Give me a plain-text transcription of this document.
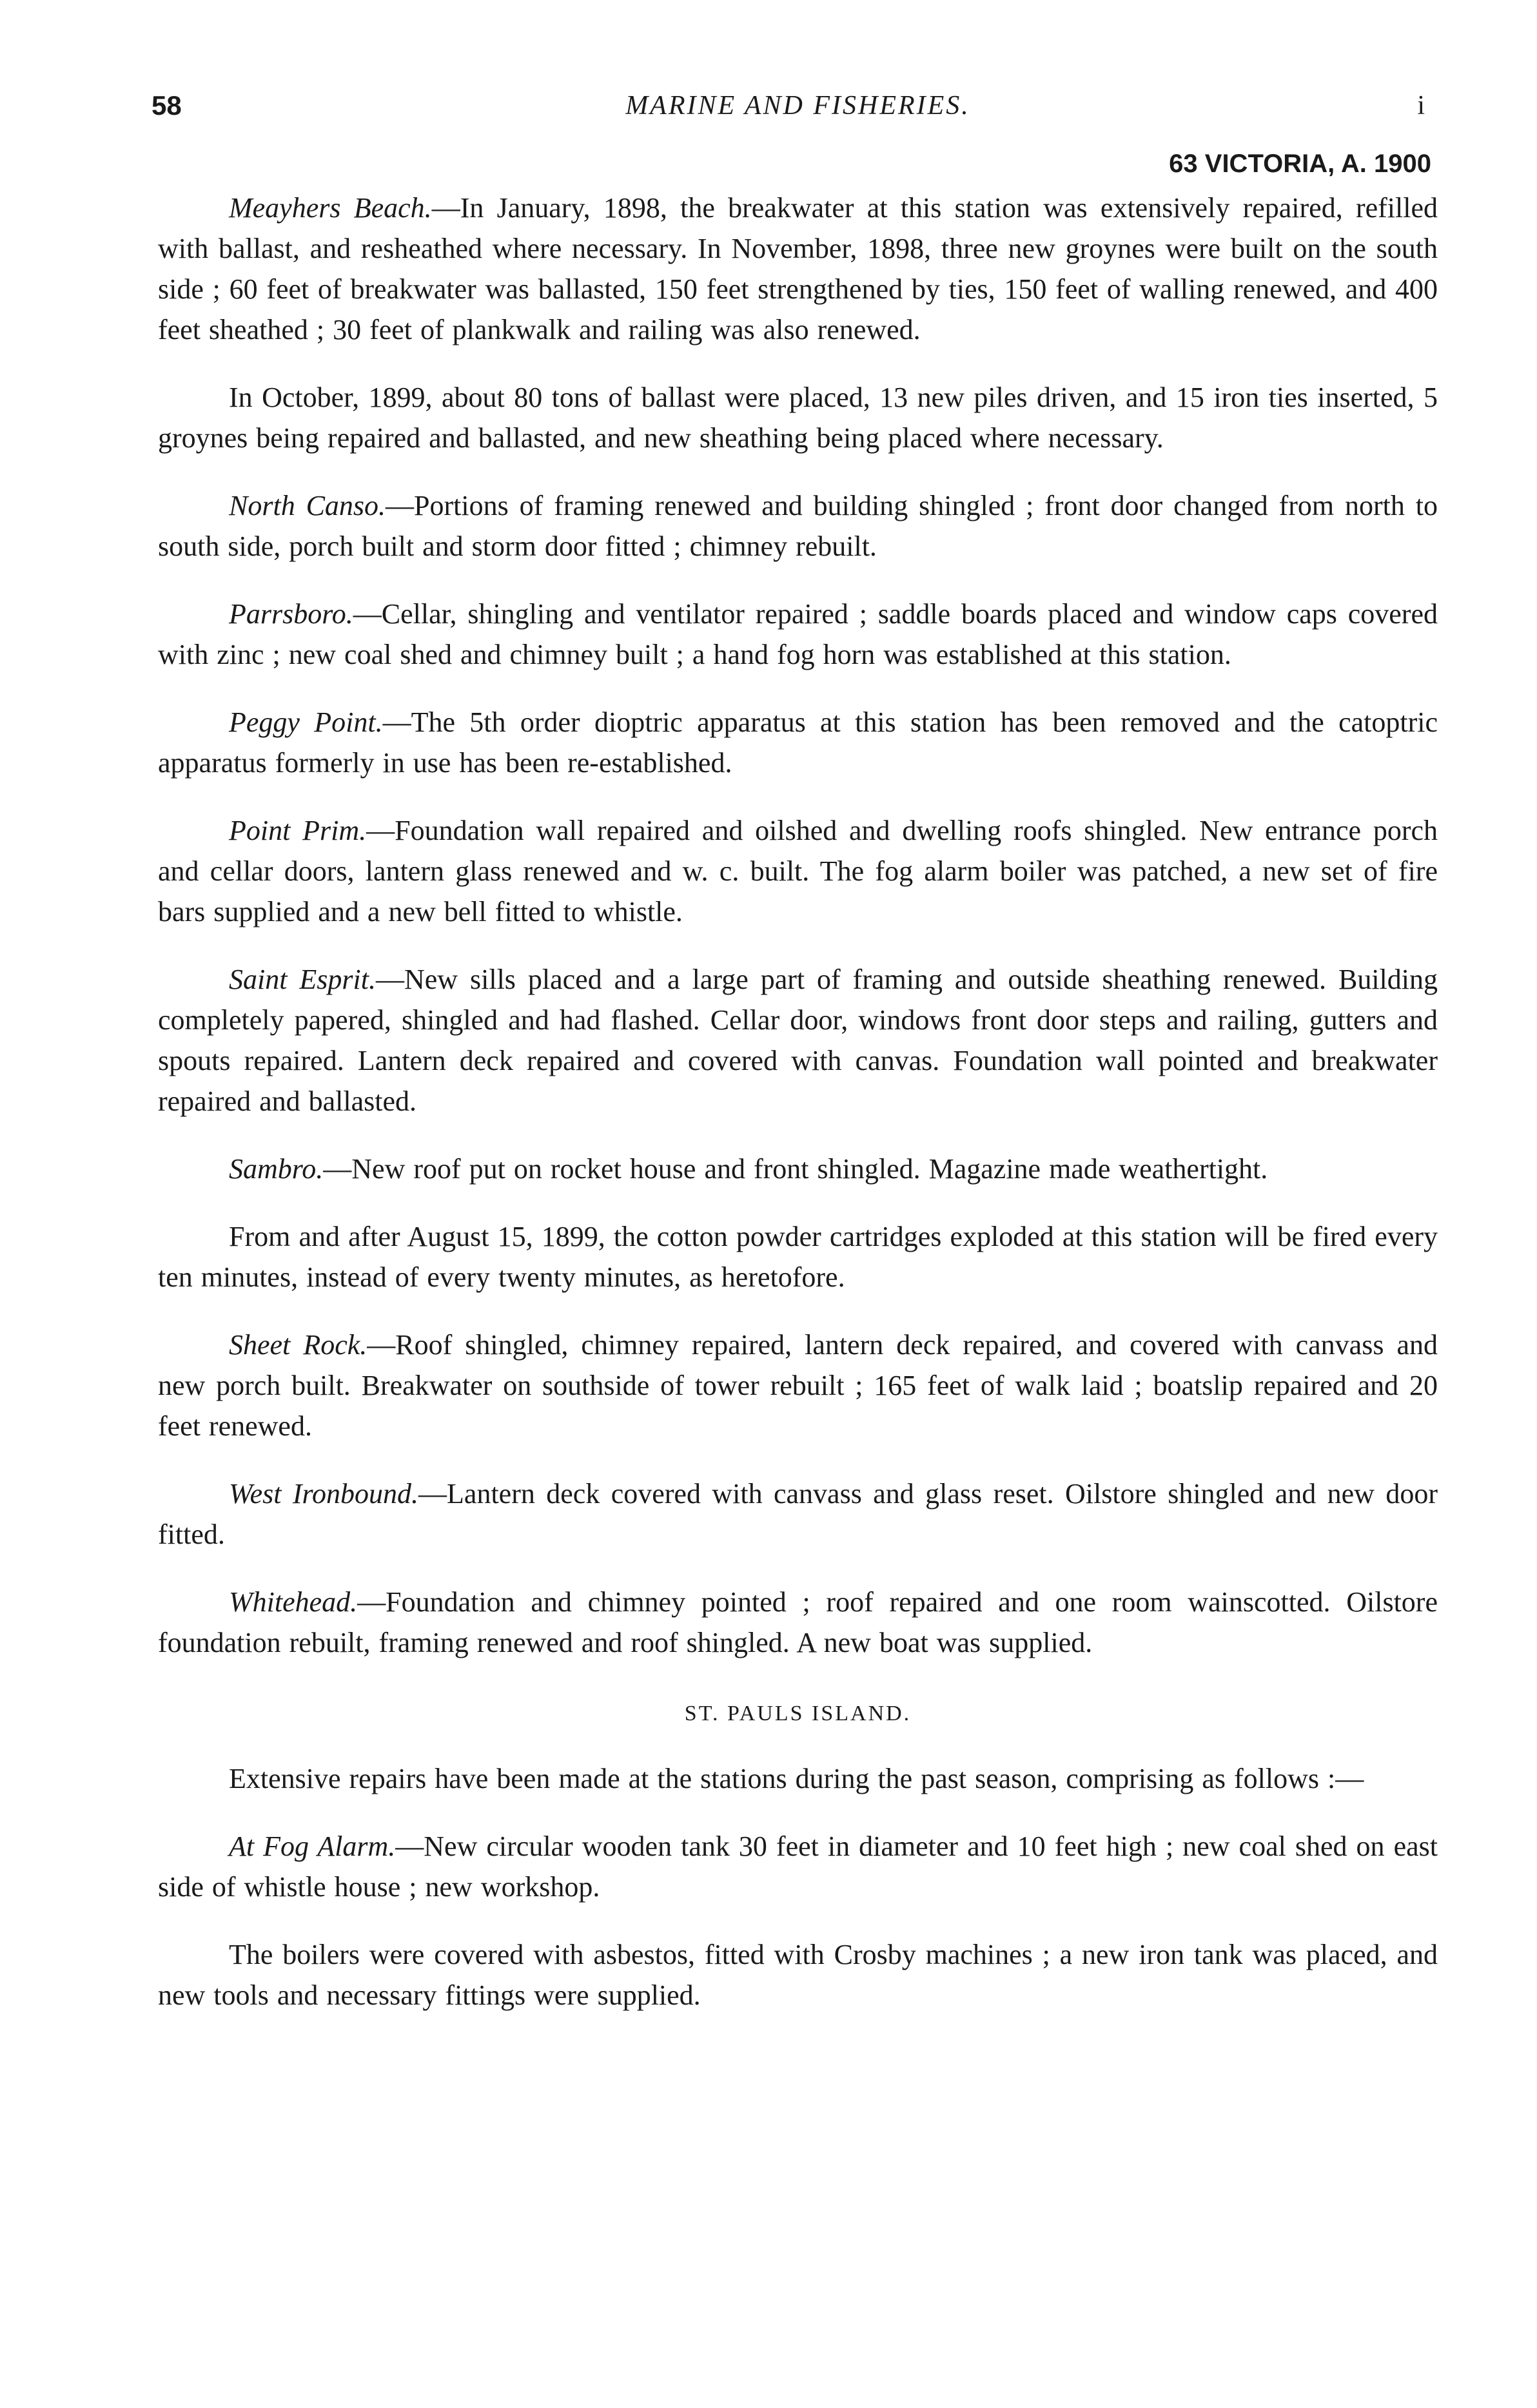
58	MARINE AND FISHERIES.	i
63 VICTORIA, A. 1900

Meayhers Beach.—In January, 1898, the breakwater at this station was extensively repaired, refilled with ballast, and resheathed where necessary. In November, 1898, three new groynes were built on the south side ; 60 feet of breakwater was ballasted, 150 feet strengthened by ties, 150 feet of walling renewed, and 400 feet sheathed ; 30 feet of plankwalk and railing was also renewed.

In October, 1899, about 80 tons of ballast were placed, 13 new piles driven, and 15 iron ties inserted, 5 groynes being repaired and ballasted, and new sheathing being placed where necessary.

North Canso.—Portions of framing renewed and building shingled ; front door changed from north to south side, porch built and storm door fitted ; chimney rebuilt.

Parrsboro.—Cellar, shingling and ventilator repaired ; saddle boards placed and window caps covered with zinc ; new coal shed and chimney built ; a hand fog horn was established at this station.

Peggy Point.—The 5th order dioptric apparatus at this station has been removed and the catoptric apparatus formerly in use has been re-established.

Point Prim.—Foundation wall repaired and oilshed and dwelling roofs shingled. New entrance porch and cellar doors, lantern glass renewed and w. c. built. The fog alarm boiler was patched, a new set of fire bars supplied and a new bell fitted to whistle.

Saint Esprit.—New sills placed and a large part of framing and outside sheathing renewed. Building completely papered, shingled and had flashed. Cellar door, windows front door steps and railing, gutters and spouts repaired. Lantern deck repaired and covered with canvas. Foundation wall pointed and breakwater repaired and ballasted.

Sambro.—New roof put on rocket house and front shingled. Magazine made weathertight.

From and after August 15, 1899, the cotton powder cartridges exploded at this station will be fired every ten minutes, instead of every twenty minutes, as heretofore.

Sheet Rock.—Roof shingled, chimney repaired, lantern deck repaired, and covered with canvass and new porch built. Breakwater on southside of tower rebuilt ; 165 feet of walk laid ; boatslip repaired and 20 feet renewed.

West Ironbound.—Lantern deck covered with canvass and glass reset. Oilstore shingled and new door fitted.

Whitehead.—Foundation and chimney pointed ; roof repaired and one room wainscotted. Oilstore foundation rebuilt, framing renewed and roof shingled. A new boat was supplied.

ST. PAULS ISLAND.

Extensive repairs have been made at the stations during the past season, comprising as follows :—

At Fog Alarm.—New circular wooden tank 30 feet in diameter and 10 feet high ; new coal shed on east side of whistle house ; new workshop.

The boilers were covered with asbestos, fitted with Crosby machines ; a new iron tank was placed, and new tools and necessary fittings were supplied.
